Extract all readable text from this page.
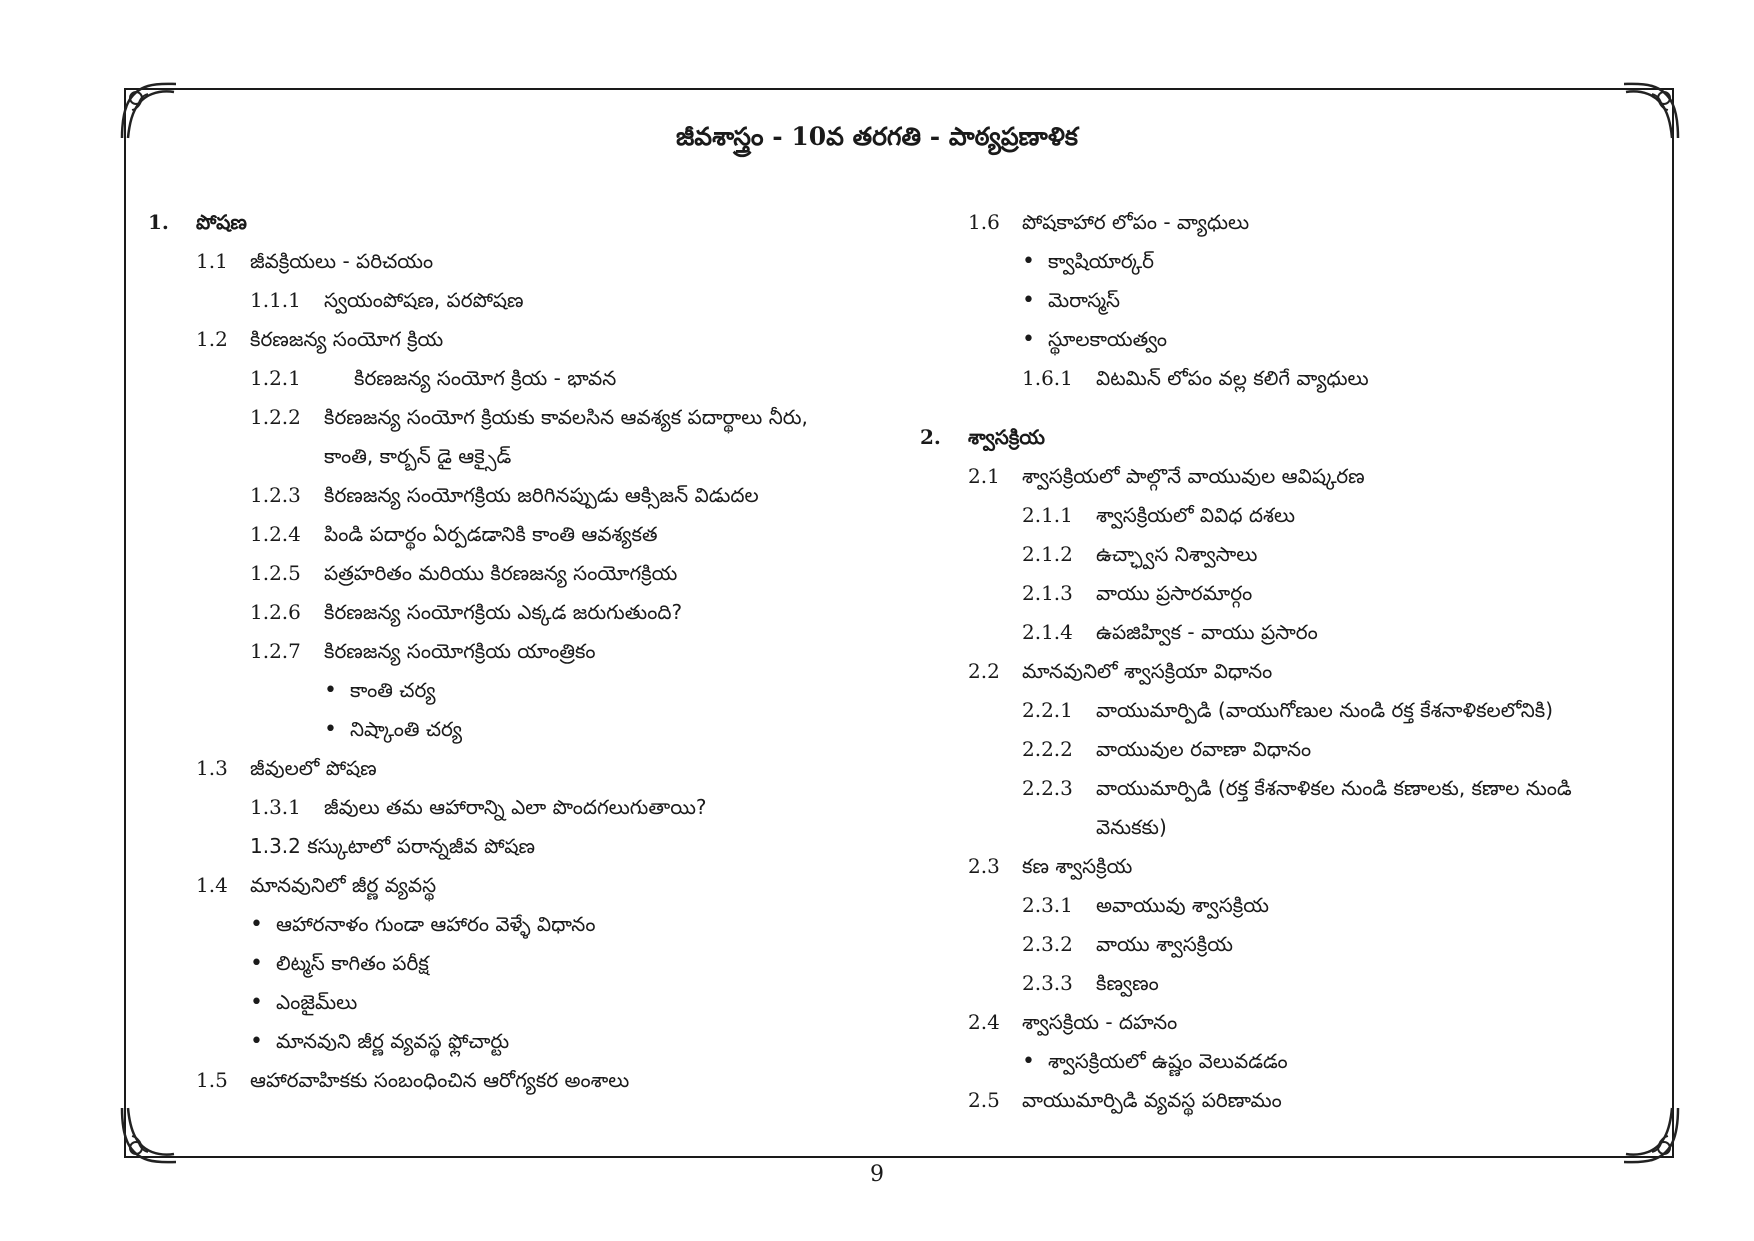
జీవశాస్త్రం - 10వ తరగతి - పాఠ్యప్రణాళిక
1. పోషణ
1.1 జీవక్రియలు - పరిచయం
1.1.1 స్వయంపోషణ, పరపోషణ
1.2 కిరణజన్య సంయోగ క్రియ
1.2.1	కిరణజన్య సంయోగ క్రియ - భావన
1.2.2 కిరణజన్య సంయోగ క్రియకు కావలసిన ఆవశ్యక పదార్థాలు నీరు,
కాంతి, కార్బన్ డై ఆక్సైడ్
1.2.3 కిరణజన్య సంయోగక్రియ జరిగినప్పుడు ఆక్సిజన్ విడుదల
1.2.4 పిండి పదార్థం ఏర్పడడానికి కాంతి ఆవశ్యకత
1.2.5 పత్రహరితం మరియు కిరణజన్య సంయోగక్రియ
1.2.6 కిరణజన్య సంయోగక్రియ ఎక్కడ జరుగుతుంది?
1.2.7 కిరణజన్య సంయోగక్రియ యాంత్రికం
• కాంతి చర్య
• నిష్కాంతి చర్య
1.3 జీవులలో పోషణ
1.3.1 జీవులు తమ ఆహారాన్ని ఎలా పొందగలుగుతాయి?
1.3.2 కస్కుటాలో పరాన్నజీవ పోషణ
1.4 మానవునిలో జీర్ణ వ్యవస్థ
• ఆహారనాళం గుండా ఆహారం వెళ్ళే విధానం
• లిట్మస్ కాగితం పరీక్ష
• ఎంజైమ్‌లు
• మానవుని జీర్ణ వ్యవస్థ ఫ్లోచార్టు
1.5 ఆహారవాహికకు సంబంధించిన ఆరోగ్యకర అంశాలు
1.6 పోషకాహార లోపం - వ్యాధులు
• క్వాషియార్కర్
• మెరాస్మస్
• స్థూలకాయత్వం
1.6.1 విటమిన్ లోపం వల్ల కలిగే వ్యాధులు
2. శ్వాసక్రియ
2.1 శ్వాసక్రియలో పాల్గొనే వాయువుల ఆవిష్కరణ
2.1.1 శ్వాసక్రియలో వివిధ దశలు
2.1.2 ఉచ్ఛ్వాస నిశ్వాసాలు
2.1.3 వాయు ప్రసారమార్గం
2.1.4 ఉపజిహ్విక - వాయు ప్రసారం
2.2 మానవునిలో శ్వాసక్రియా విధానం
2.2.1 వాయుమార్పిడి (వాయుగోణుల నుండి రక్త కేశనాళికలలోనికి)
2.2.2 వాయువుల రవాణా విధానం
2.2.3 వాయుమార్పిడి (రక్త కేశనాళికల నుండి కణాలకు, కణాల నుండి
వెనుకకు)
2.3 కణ శ్వాసక్రియ
2.3.1 అవాయువు శ్వాసక్రియ
2.3.2 వాయు శ్వాసక్రియ
2.3.3 కిణ్వణం
2.4 శ్వాసక్రియ - దహనం
• శ్వాసక్రియలో ఉష్ణం వెలువడడం
2.5 వాయుమార్పిడి వ్యవస్థ పరిణామం
9
